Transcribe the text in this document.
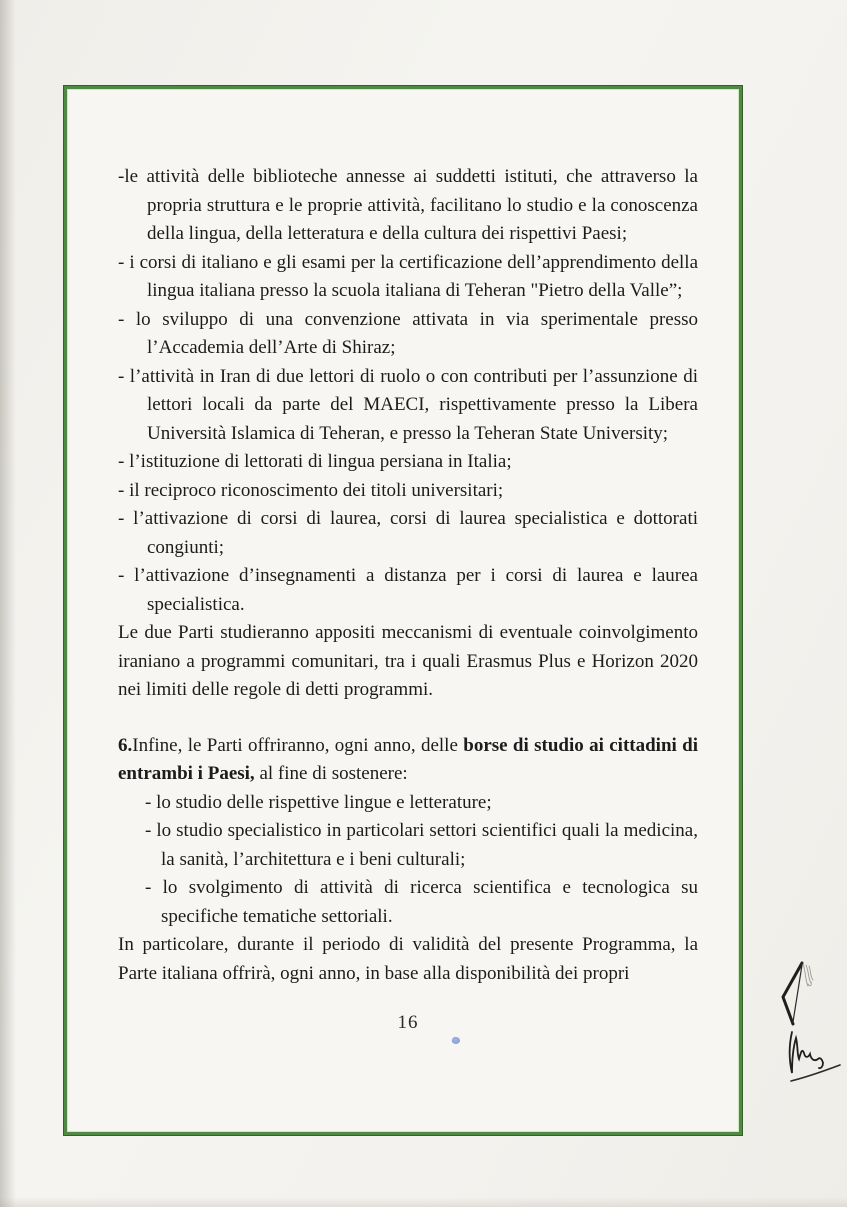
-le attività delle biblioteche annesse ai suddetti istituti, che attraverso la propria struttura e le proprie attività, facilitano lo studio e la conoscenza della lingua, della letteratura e della cultura dei rispettivi Paesi;
- i corsi di italiano e gli esami per la certificazione dell’apprendimento della lingua italiana presso la scuola italiana di Teheran "Pietro della Valle”;
- lo sviluppo di una convenzione attivata in via sperimentale presso l’Accademia dell’Arte di Shiraz;
- l’attività in Iran di due lettori di ruolo o con contributi per l’assunzione di lettori locali da parte del MAECI, rispettivamente presso la Libera Università Islamica di Teheran, e presso la Teheran State University;
- l’istituzione di lettorati di lingua persiana in Italia;
- il reciproco riconoscimento dei titoli universitari;
- l’attivazione di corsi di laurea, corsi di laurea specialistica e dottorati congiunti;
- l’attivazione d’insegnamenti a distanza per i corsi di laurea e laurea specialistica.

Le due Parti studieranno appositi meccanismi di eventuale coinvolgimento iraniano a programmi comunitari, tra i quali Erasmus Plus e Horizon 2020 nei limiti delle regole di detti programmi.

6.Infine, le Parti offriranno, ogni anno, delle borse di studio ai cittadini di entrambi i Paesi, al fine di sostenere:

- lo studio delle rispettive lingue e letterature;
- lo studio specialistico in particolari settori scientifici quali la medicina, la sanità, l’architettura e i beni culturali;
- lo svolgimento di attività di ricerca scientifica e tecnologica su specifiche tematiche settoriali.

In particolare, durante il periodo di validità del presente Programma, la Parte italiana offrirà, ogni anno, in base alla disponibilità dei propri

16
